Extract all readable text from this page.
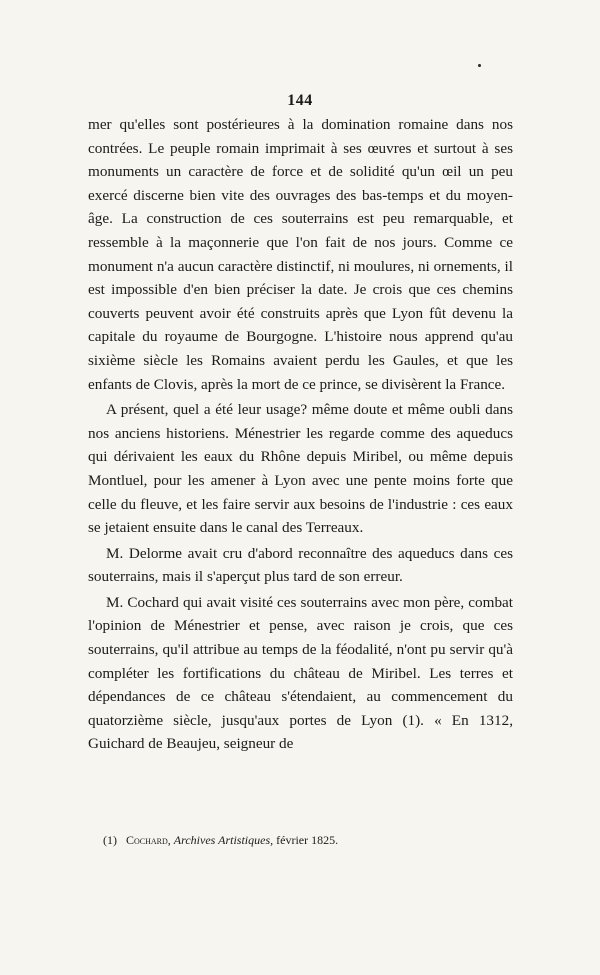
144

mer qu'elles sont postérieures à la domination romaine dans nos contrées. Le peuple romain imprimait à ses œuvres et surtout à ses monuments un caractère de force et de solidité qu'un œil un peu exercé discerne bien vite des ouvrages des bas-temps et du moyen-âge. La construction de ces souterrains est peu remarquable, et ressemble à la maçonnerie que l'on fait de nos jours. Comme ce monument n'a aucun caractère distinctif, ni moulures, ni ornements, il est impossible d'en bien préciser la date. Je crois que ces chemins couverts peuvent avoir été construits après que Lyon fût devenu la capitale du royaume de Bourgogne. L'histoire nous apprend qu'au sixième siècle les Romains avaient perdu les Gaules, et que les enfants de Clovis, après la mort de ce prince, se divisèrent la France.

A présent, quel a été leur usage? même doute et même oubli dans nos anciens historiens. Ménestrier les regarde comme des aqueducs qui dérivaient les eaux du Rhône depuis Miribel, ou même depuis Montluel, pour les amener à Lyon avec une pente moins forte que celle du fleuve, et les faire servir aux besoins de l'industrie : ces eaux se jetaient ensuite dans le canal des Terreaux.

M. Delorme avait cru d'abord reconnaître des aqueducs dans ces souterrains, mais il s'aperçut plus tard de son erreur.

M. Cochard qui avait visité ces souterrains avec mon père, combat l'opinion de Ménestrier et pense, avec raison je crois, que ces souterrains, qu'il attribue au temps de la féodalité, n'ont pu servir qu'à compléter les fortifications du château de Miribel. Les terres et dépendances de ce château s'étendaient, au commencement du quatorzième siècle, jusqu'aux portes de Lyon (1). « En 1312, Guichard de Beaujeu, seigneur de

(1) Cochard, Archives Artistiques, février 1825.
